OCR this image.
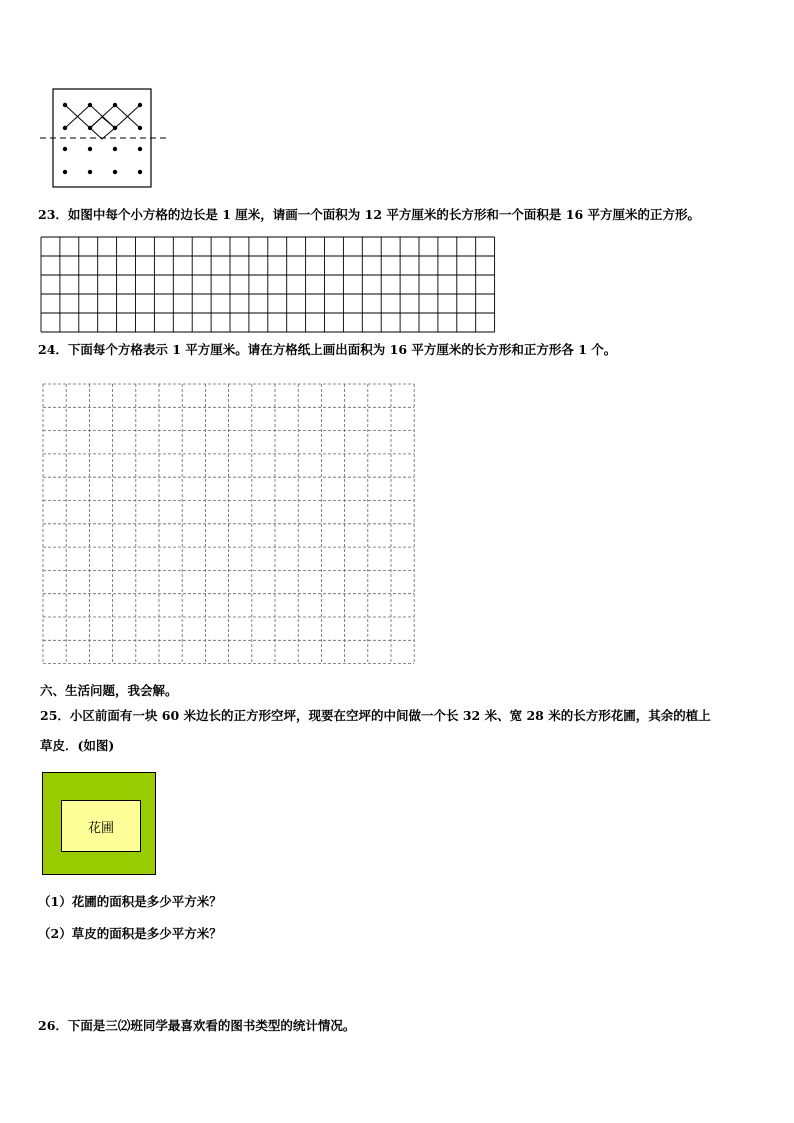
23．如图中每个小方格的边长是 1 厘米，请画一个面积为 12 平方厘米的长方形和一个面积是 16 平方厘米的正方形。
24．下面每个方格表示 1 平方厘米。请在方格纸上画出面积为 16 平方厘米的长方形和正方形各 1 个。
六、生活问题，我会解。
25．小区前面有一块 60 米边长的正方形空坪，现要在空坪的中间做一个长 32 米、宽 28 米的长方形花圃，其余的植上
草皮．(如图)
花圃
（1）花圃的面积是多少平方米？
（2）草皮的面积是多少平方米？
26．下面是三⑵班同学最喜欢看的图书类型的统计情况。
